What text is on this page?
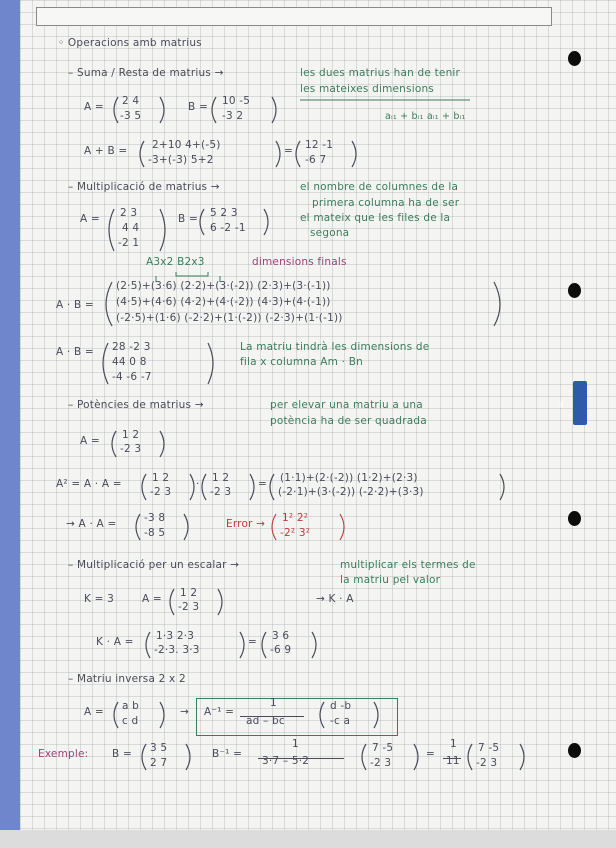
ME
◦ Operacions amb matrius
– Suma / Resta de matrius →	les dues matrius han de tenir
les mateixes dimensions
A = 2 4
-3 5
B = 10 -5
-3 2	aᵢ₁ + bᵢ₁ aᵢ₁ + bᵢ₁
A + B = 2+10 4+(-5)
-3+(-3) 5+2
= 12 -1
-6 7
– Multiplicació de matrius →	el nombre de columnes de la
primera columna ha de ser
el mateix que les files de la
segona
A = 2 3
4 4
-2 1
B = 5 2 3
6 -2 -1
A3x2 B2x3	dimensions finals
A · B =
(2·5)+(3·6) (2·2)+(3·(-2)) (2·3)+(3·(-1))
(4·5)+(4·6) (4·2)+(4·(-2)) (4·3)+(4·(-1))
(-2·5)+(1·6) (-2·2)+(1·(-2)) (-2·3)+(1·(-1))
A · B = 28 -2 3
44 0 8
-4 -6 -7
La matriu tindrà les dimensions de
fila x columna Am · Bn
– Potències de matrius →	per elevar una matriu a una
potència ha de ser quadrada
A = 1 2
-2 3
A² = A · A =	1 2
-2 3
· 1 2
-2 3
= (1·1)+(2·(-2)) (1·2)+(2·3)
(-2·1)+(3·(-2)) (-2·2)+(3·3)
→ A · A =	-3 8
-8 5
Error → 1² 2²
-2² 3²
– Multiplicació per un escalar →	multiplicar els termes de
la matriu pel valor
K = 3	A = 1 2
-2 3
→ K · A
K · A = 1·3 2·3
-2·3. 3·3
= 3 6
-6 9
– Matriu inversa 2 x 2
A = a b
c d
→ A⁻¹ =
1
ad – bc
d -b
-c a
Exemple: B = 3 5
2 7
B⁻¹ =
1
3·7 – 5·2
7 -5
-2 3
=
1
11
7 -5
-2 3
